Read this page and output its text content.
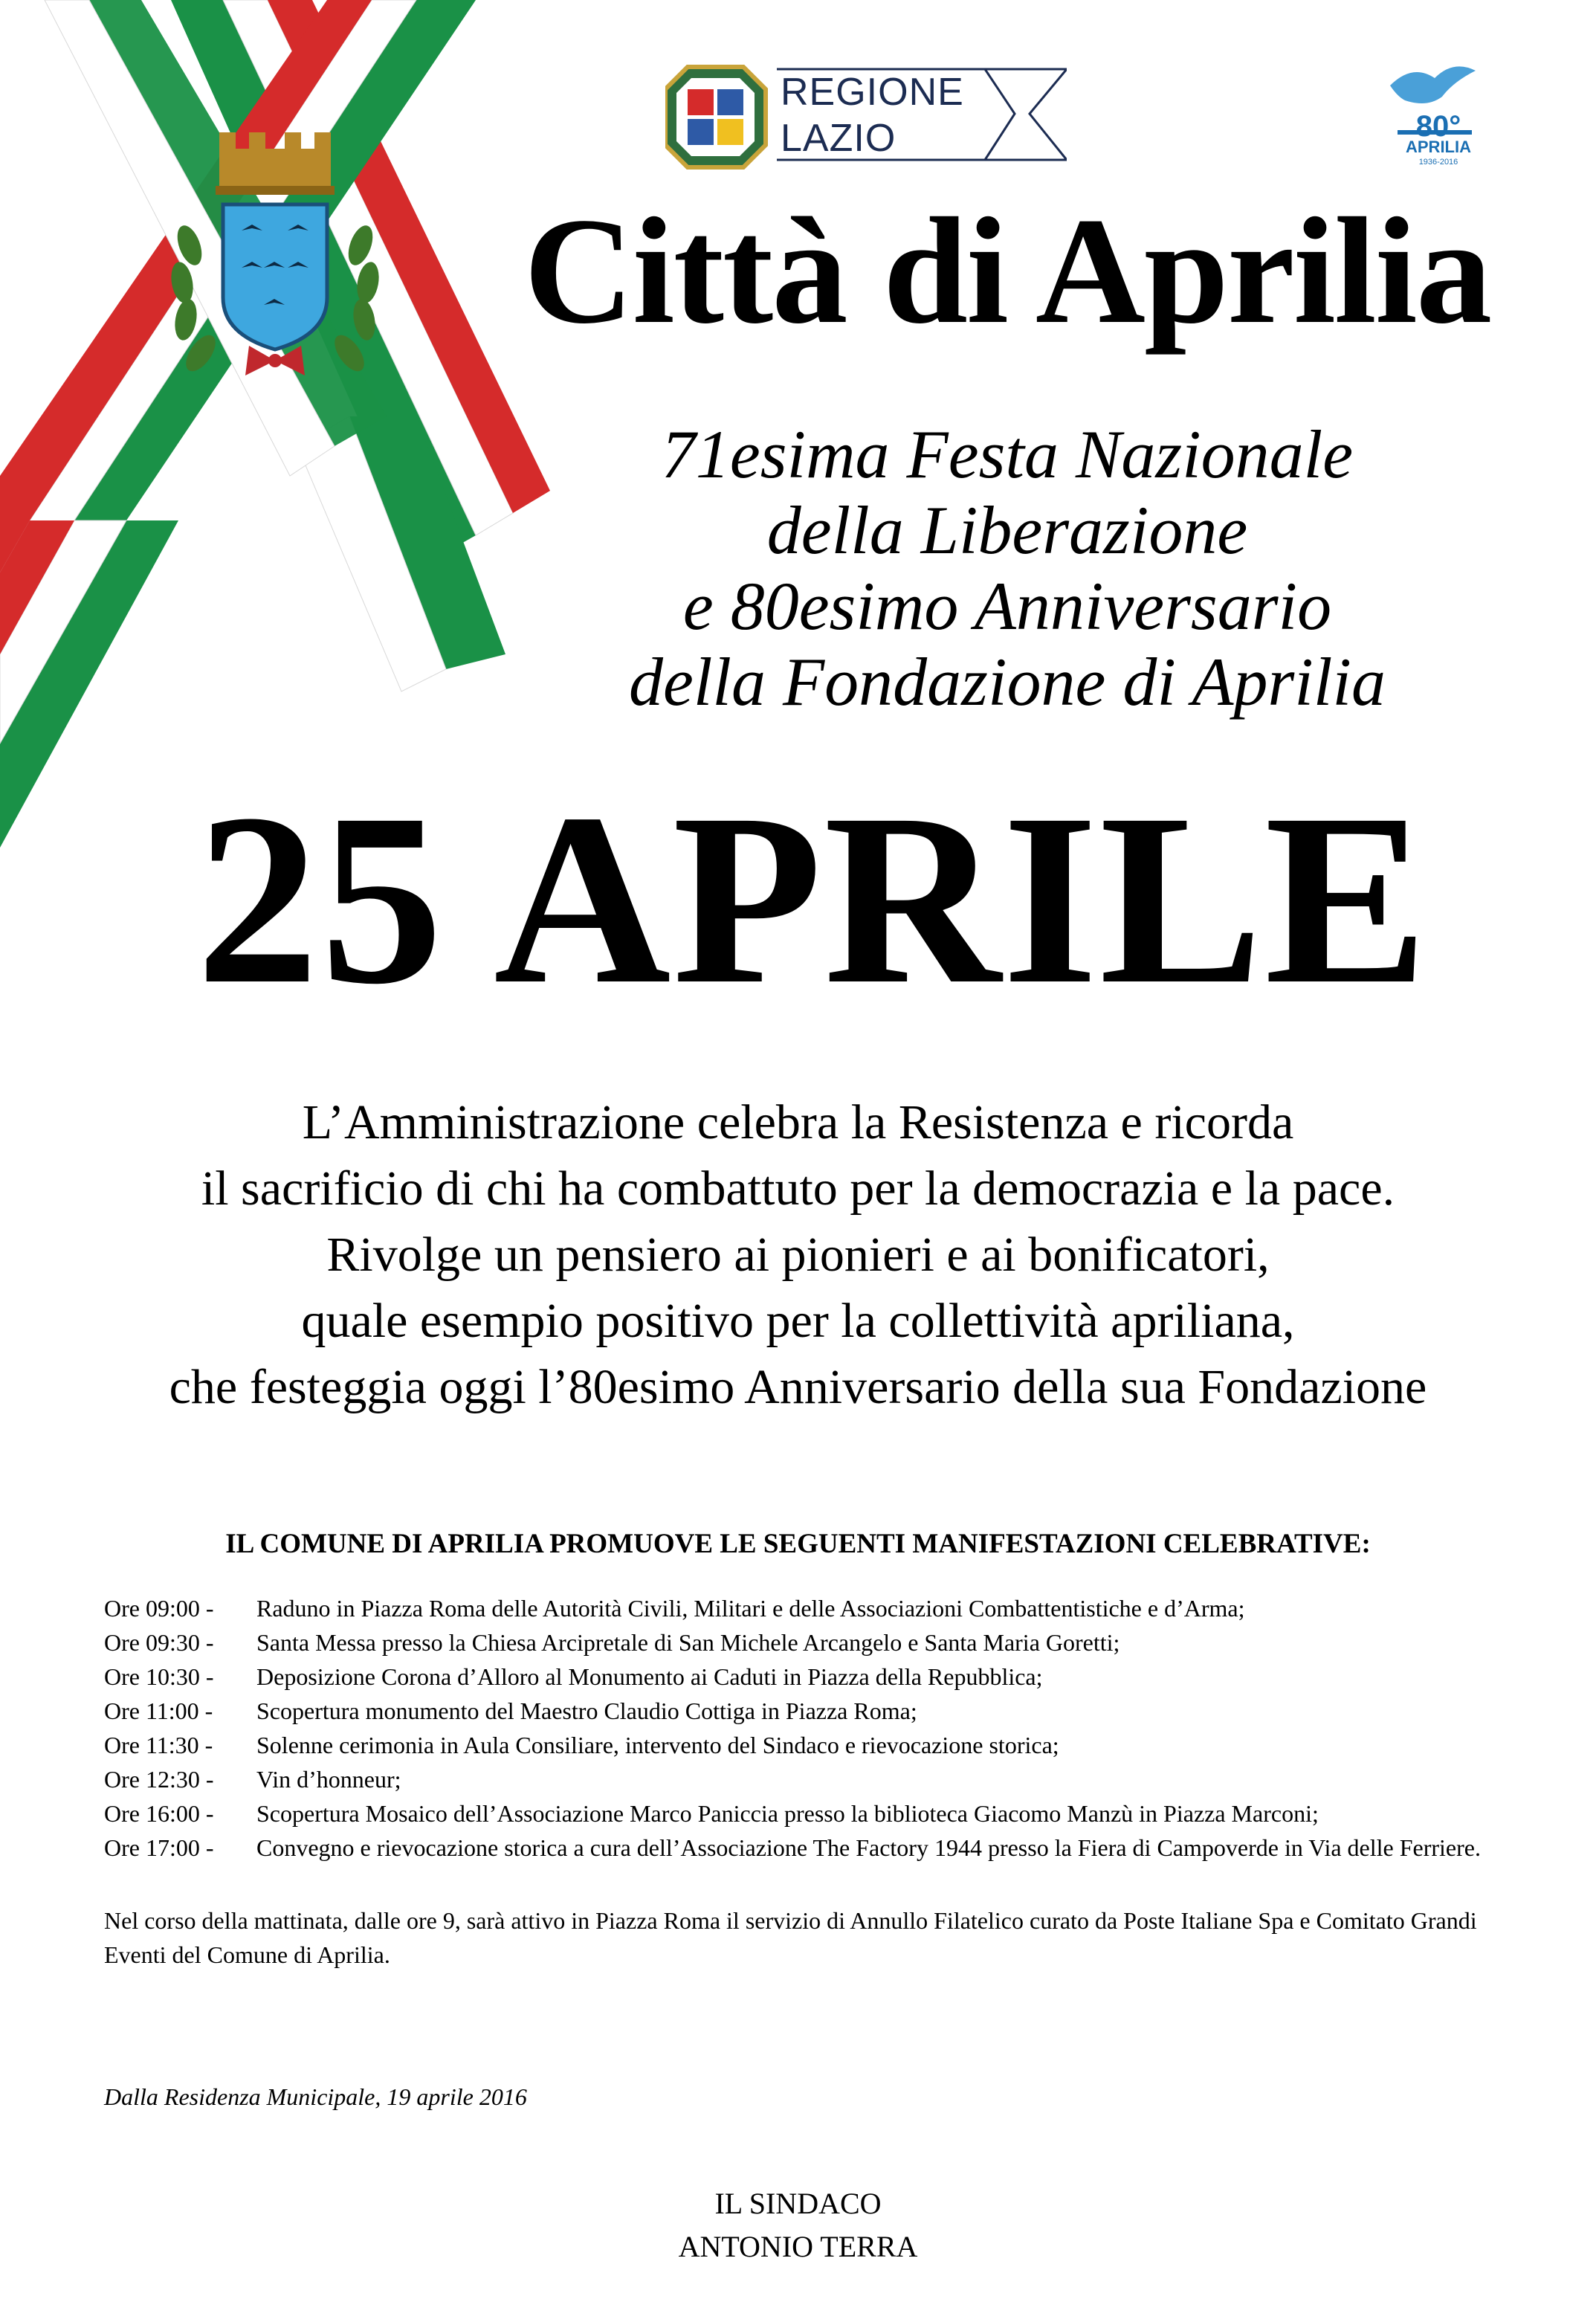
REGIONE
LAZIO	80°
APRILIA
1936-2016
Città di Aprilia
71esima Festa Nazionale
della Liberazione
e 80esimo Anniversario
della Fondazione di Aprilia
25 APRILE
L’Amministrazione celebra la Resistenza e ricorda
il sacrificio di chi ha combattuto per la democrazia e la pace.
Rivolge un pensiero ai pionieri e ai bonificatori,
quale esempio positivo per la collettività apriliana,
che festeggia oggi l’80esimo Anniversario della sua Fondazione
IL COMUNE DI APRILIA PROMUOVE LE SEGUENTI MANIFESTAZIONI CELEBRATIVE:
Ore 09:00 -	Raduno in Piazza Roma delle Autorità Civili, Militari e delle Associazioni Combattentistiche e d’Arma;
Ore 09:30 -	Santa Messa presso la Chiesa Arcipretale di San Michele Arcangelo e Santa Maria Goretti;
Ore 10:30 -	Deposizione Corona d’Alloro al Monumento ai Caduti in Piazza della Repubblica;
Ore 11:00 -	Scopertura monumento del Maestro Claudio Cottiga in Piazza Roma;
Ore 11:30 -	Solenne cerimonia in Aula Consiliare, intervento del Sindaco e rievocazione storica;
Ore 12:30 -	Vin d’honneur;
Ore 16:00 -	Scopertura Mosaico dell’Associazione Marco Paniccia presso la biblioteca Giacomo Manzù in Piazza Marconi;
Ore 17:00 -	Convegno e rievocazione storica a cura dell’Associazione The Factory 1944 presso la Fiera di Campoverde in Via delle Ferriere.
Nel corso della mattinata, dalle ore 9, sarà attivo in Piazza Roma il servizio di Annullo Filatelico curato da Poste Italiane Spa e Comitato Grandi Eventi del Comune di Aprilia.
Dalla Residenza Municipale, 19 aprile 2016
IL SINDACO
ANTONIO TERRA
